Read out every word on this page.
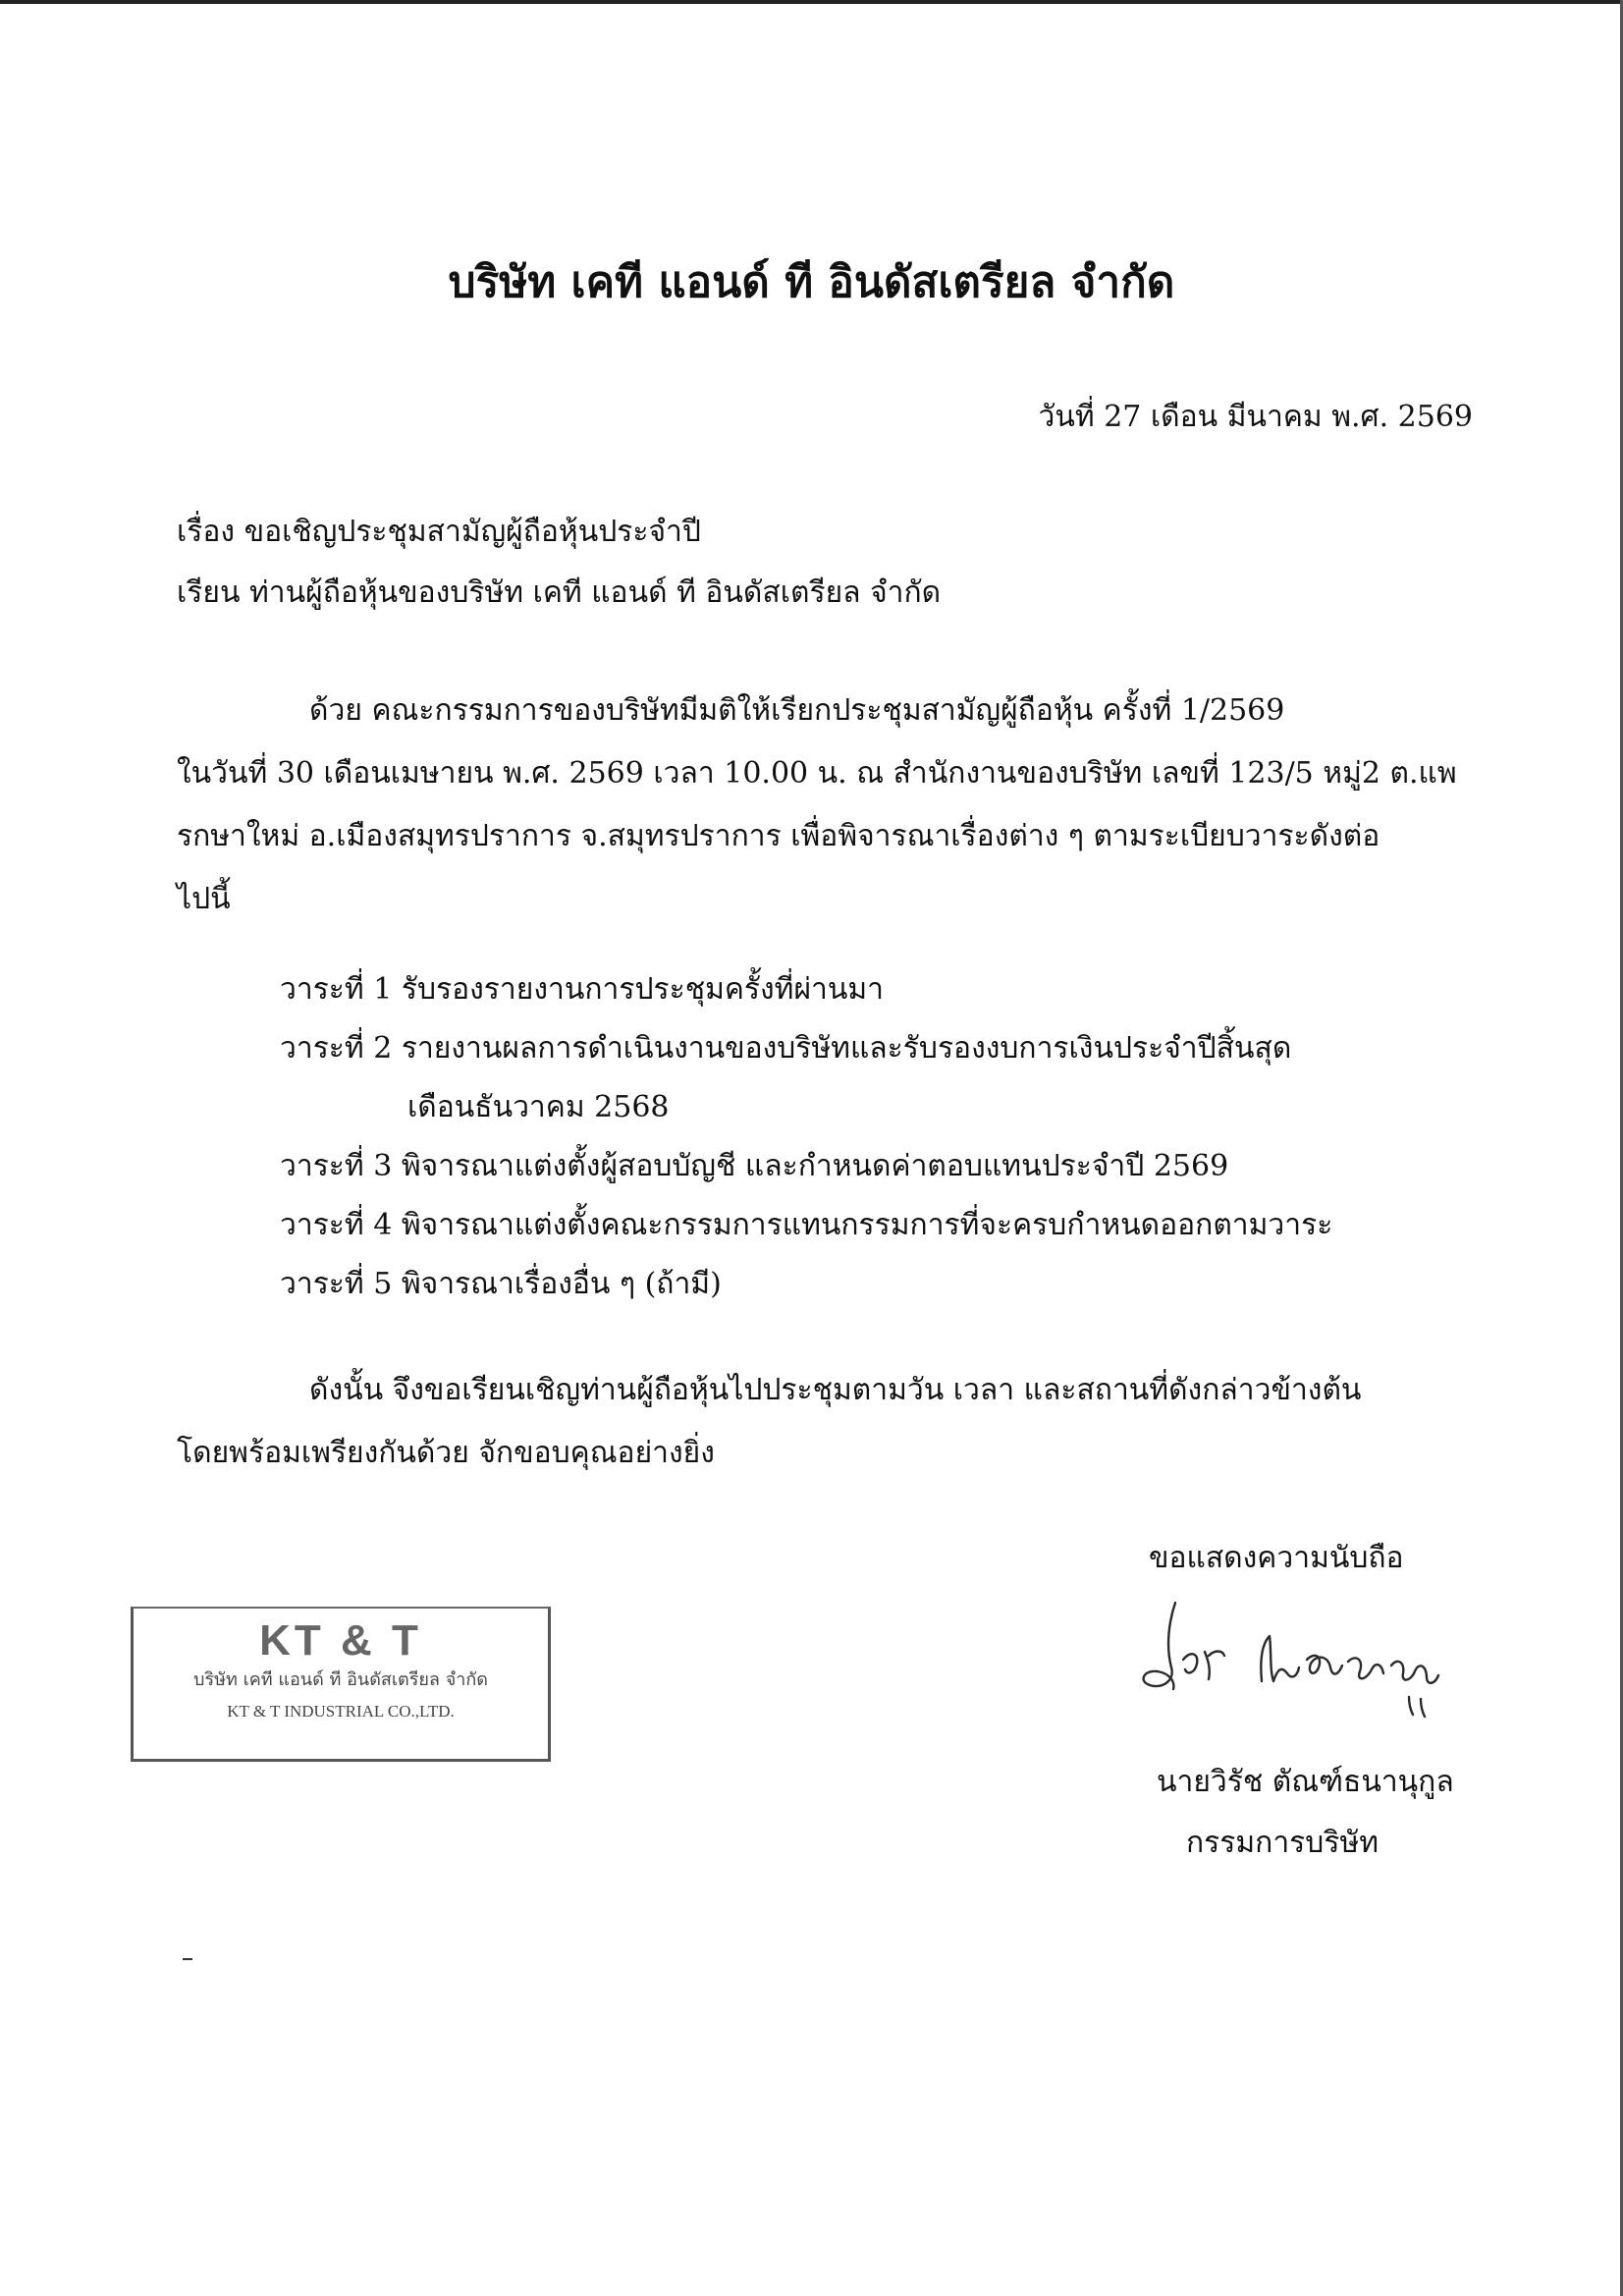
บริษัท เคที แอนด์ ที อินดัสเตรียล จำกัด
วันที่ 27 เดือน มีนาคม พ.ศ. 2569
เรื่อง ขอเชิญประชุมสามัญผู้ถือหุ้นประจำปี
เรียน ท่านผู้ถือหุ้นของบริษัท เคที แอนด์ ที อินดัสเตรียล จำกัด
ด้วย คณะกรรมการของบริษัทมีมติให้เรียกประชุมสามัญผู้ถือหุ้น ครั้งที่ 1/2569
ในวันที่ 30 เดือนเมษายน พ.ศ. 2569 เวลา 10.00 น. ณ สำนักงานของบริษัท เลขที่ 123/5 หมู่2 ต.แพ
รกษาใหม่ อ.เมืองสมุทรปราการ จ.สมุทรปราการ เพื่อพิจารณาเรื่องต่าง ๆ ตามระเบียบวาระดังต่อ
ไปนี้
วาระที่ 1 รับรองรายงานการประชุมครั้งที่ผ่านมา
วาระที่ 2 รายงานผลการดำเนินงานของบริษัทและรับรองงบการเงินประจำปีสิ้นสุด
เดือนธันวาคม 2568
วาระที่ 3 พิจารณาแต่งตั้งผู้สอบบัญชี และกำหนดค่าตอบแทนประจำปี 2569
วาระที่ 4 พิจารณาแต่งตั้งคณะกรรมการแทนกรรมการที่จะครบกำหนดออกตามวาระ
วาระที่ 5 พิจารณาเรื่องอื่น ๆ (ถ้ามี)
ดังนั้น จึงขอเรียนเชิญท่านผู้ถือหุ้นไปประชุมตามวัน เวลา และสถานที่ดังกล่าวข้างต้น
โดยพร้อมเพรียงกันด้วย จักขอบคุณอย่างยิ่ง
ขอแสดงความนับถือ
นายวิรัช ตัณฑ์ธนานุกูล
กรรมการบริษัท
KT & T
บริษัท เคที แอนด์ ที อินดัสเตรียล จำกัด
KT & T INDUSTRIAL CO.,LTD.
